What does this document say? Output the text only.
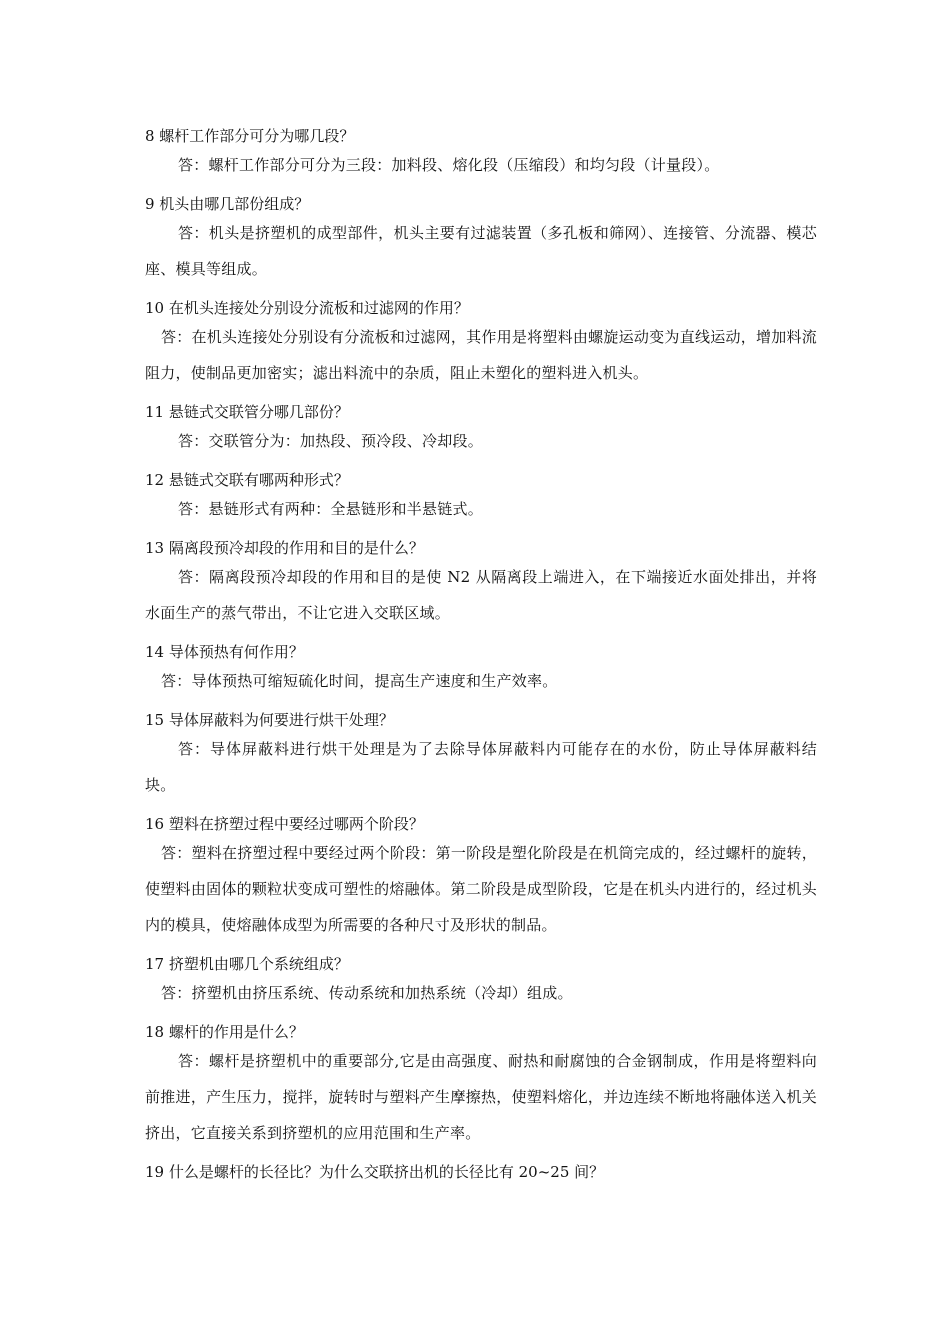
8 螺杆工作部分可分为哪几段？

答：螺杆工作部分可分为三段：加料段、熔化段（压缩段）和均匀段（计量段）。

9 机头由哪几部份组成？

答：机头是挤塑机的成型部件，机头主要有过滤装置（多孔板和筛网）、连接管、分流器、模芯座、模具等组成。

10 在机头连接处分别设分流板和过滤网的作用？

答：在机头连接处分别设有分流板和过滤网，其作用是将塑料由螺旋运动变为直线运动，增加料流阻力，使制品更加密实；滤出料流中的杂质，阻止未塑化的塑料进入机头。

11 悬链式交联管分哪几部份？

答：交联管分为：加热段、预冷段、冷却段。

12 悬链式交联有哪两种形式？

答：悬链形式有两种：全悬链形和半悬链式。

13 隔离段预冷却段的作用和目的是什么？

答：隔离段预冷却段的作用和目的是使 N2 从隔离段上端进入，在下端接近水面处排出，并将水面生产的蒸气带出，不让它进入交联区域。

14 导体预热有何作用？

答：导体预热可缩短硫化时间，提高生产速度和生产效率。

15 导体屏蔽料为何要进行烘干处理？

答：导体屏蔽料进行烘干处理是为了去除导体屏蔽料内可能存在的水份，防止导体屏蔽料结块。

16 塑料在挤塑过程中要经过哪两个阶段？

答：塑料在挤塑过程中要经过两个阶段：第一阶段是塑化阶段是在机筒完成的，经过螺杆的旋转，使塑料由固体的颗粒状变成可塑性的熔融体。第二阶段是成型阶段，它是在机头内进行的，经过机头内的模具，使熔融体成型为所需要的各种尺寸及形状的制品。

17 挤塑机由哪几个系统组成？

答：挤塑机由挤压系统、传动系统和加热系统（冷却）组成。

18 螺杆的作用是什么？

答：螺杆是挤塑机中的重要部分,它是由高强度、耐热和耐腐蚀的合金钢制成，作用是将塑料向前推进，产生压力，搅拌，旋转时与塑料产生摩擦热，使塑料熔化，并边连续不断地将融体送入机关挤出，它直接关系到挤塑机的应用范围和生产率。

19 什么是螺杆的长径比？为什么交联挤出机的长径比有 20~25 间？
